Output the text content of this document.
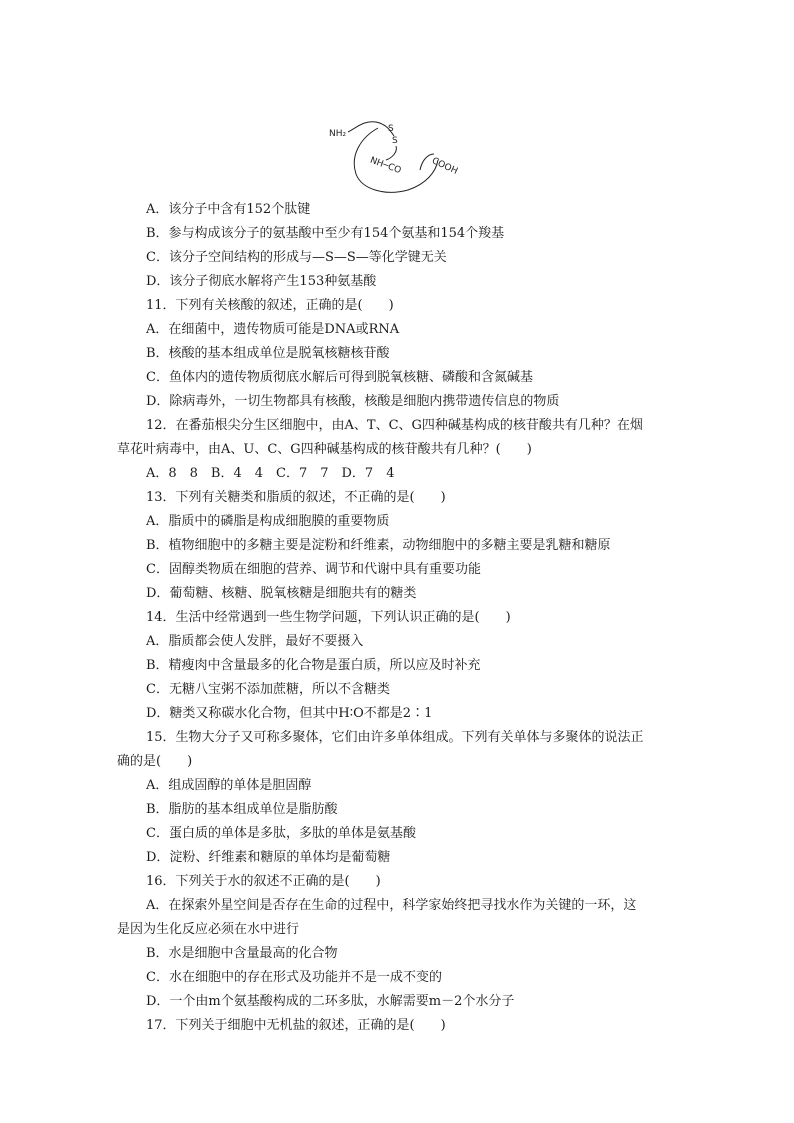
NH₂	S
S
NH─CO	COOH

A．该分子中含有152个肽键

B．参与构成该分子的氨基酸中至少有154个氨基和154个羧基

C．该分子空间结构的形成与—S—S—等化学键无关

D．该分子彻底水解将产生153种氨基酸

11．下列有关核酸的叙述，正确的是(　　)

A．在细菌中，遗传物质可能是DNA或RNA

B．核酸的基本组成单位是脱氧核糖核苷酸

C．鱼体内的遗传物质彻底水解后可得到脱氧核糖、磷酸和含氮碱基

D．除病毒外，一切生物都具有核酸，核酸是细胞内携带遗传信息的物质

12．在番茄根尖分生区细胞中，由A、T、C、G四种碱基构成的核苷酸共有几种？在烟

草花叶病毒中，由A、U、C、G四种碱基构成的核苷酸共有几种？(　　)

A．8　8　B．4　4　C．7　7　D．7　4

13．下列有关糖类和脂质的叙述，不正确的是(　　)

A．脂质中的磷脂是构成细胞膜的重要物质

B．植物细胞中的多糖主要是淀粉和纤维素，动物细胞中的多糖主要是乳糖和糖原

C．固醇类物质在细胞的营养、调节和代谢中具有重要功能

D．葡萄糖、核糖、脱氧核糖是细胞共有的糖类

14．生活中经常遇到一些生物学问题，下列认识正确的是(　　)

A．脂质都会使人发胖，最好不要摄入

B．精瘦肉中含量最多的化合物是蛋白质，所以应及时补充

C．无糖八宝粥不添加蔗糖，所以不含糖类

D．糖类又称碳水化合物，但其中H∶O不都是2∶1

15．生物大分子又可称多聚体，它们由许多单体组成。下列有关单体与多聚体的说法正

确的是(　　)

A．组成固醇的单体是胆固醇

B．脂肪的基本组成单位是脂肪酸

C．蛋白质的单体是多肽，多肽的单体是氨基酸

D．淀粉、纤维素和糖原的单体均是葡萄糖

16．下列关于水的叙述不正确的是(　　)

A．在探索外星空间是否存在生命的过程中，科学家始终把寻找水作为关键的一环，这

是因为生化反应必须在水中进行

B．水是细胞中含量最高的化合物

C．水在细胞中的存在形式及功能并不是一成不变的

D．一个由m个氨基酸构成的二环多肽，水解需要m－2个水分子

17．下列关于细胞中无机盐的叙述，正确的是(　　)
